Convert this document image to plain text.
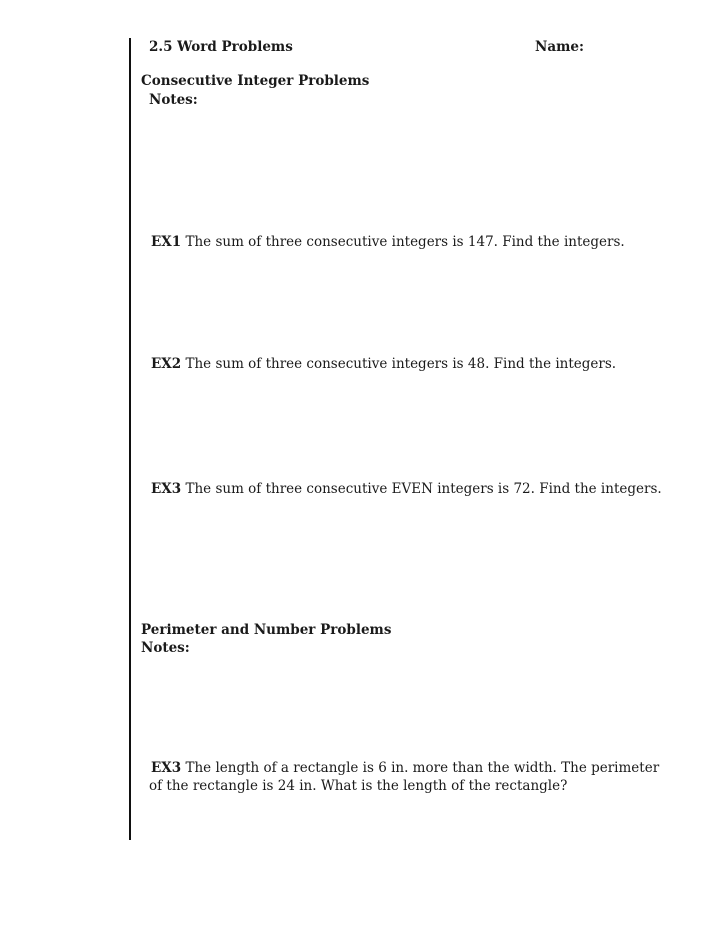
2.5 Word Problems	Name:
Consecutive Integer Problems
Notes:
EX1 The sum of three consecutive integers is 147. Find the integers.
EX2 The sum of three consecutive integers is 48. Find the integers.
EX3 The sum of three consecutive EVEN integers is 72. Find the integers.
Perimeter and Number Problems
Notes:
EX3 The length of a rectangle is 6 in. more than the width. The perimeter
of the rectangle is 24 in. What is the length of the rectangle?
